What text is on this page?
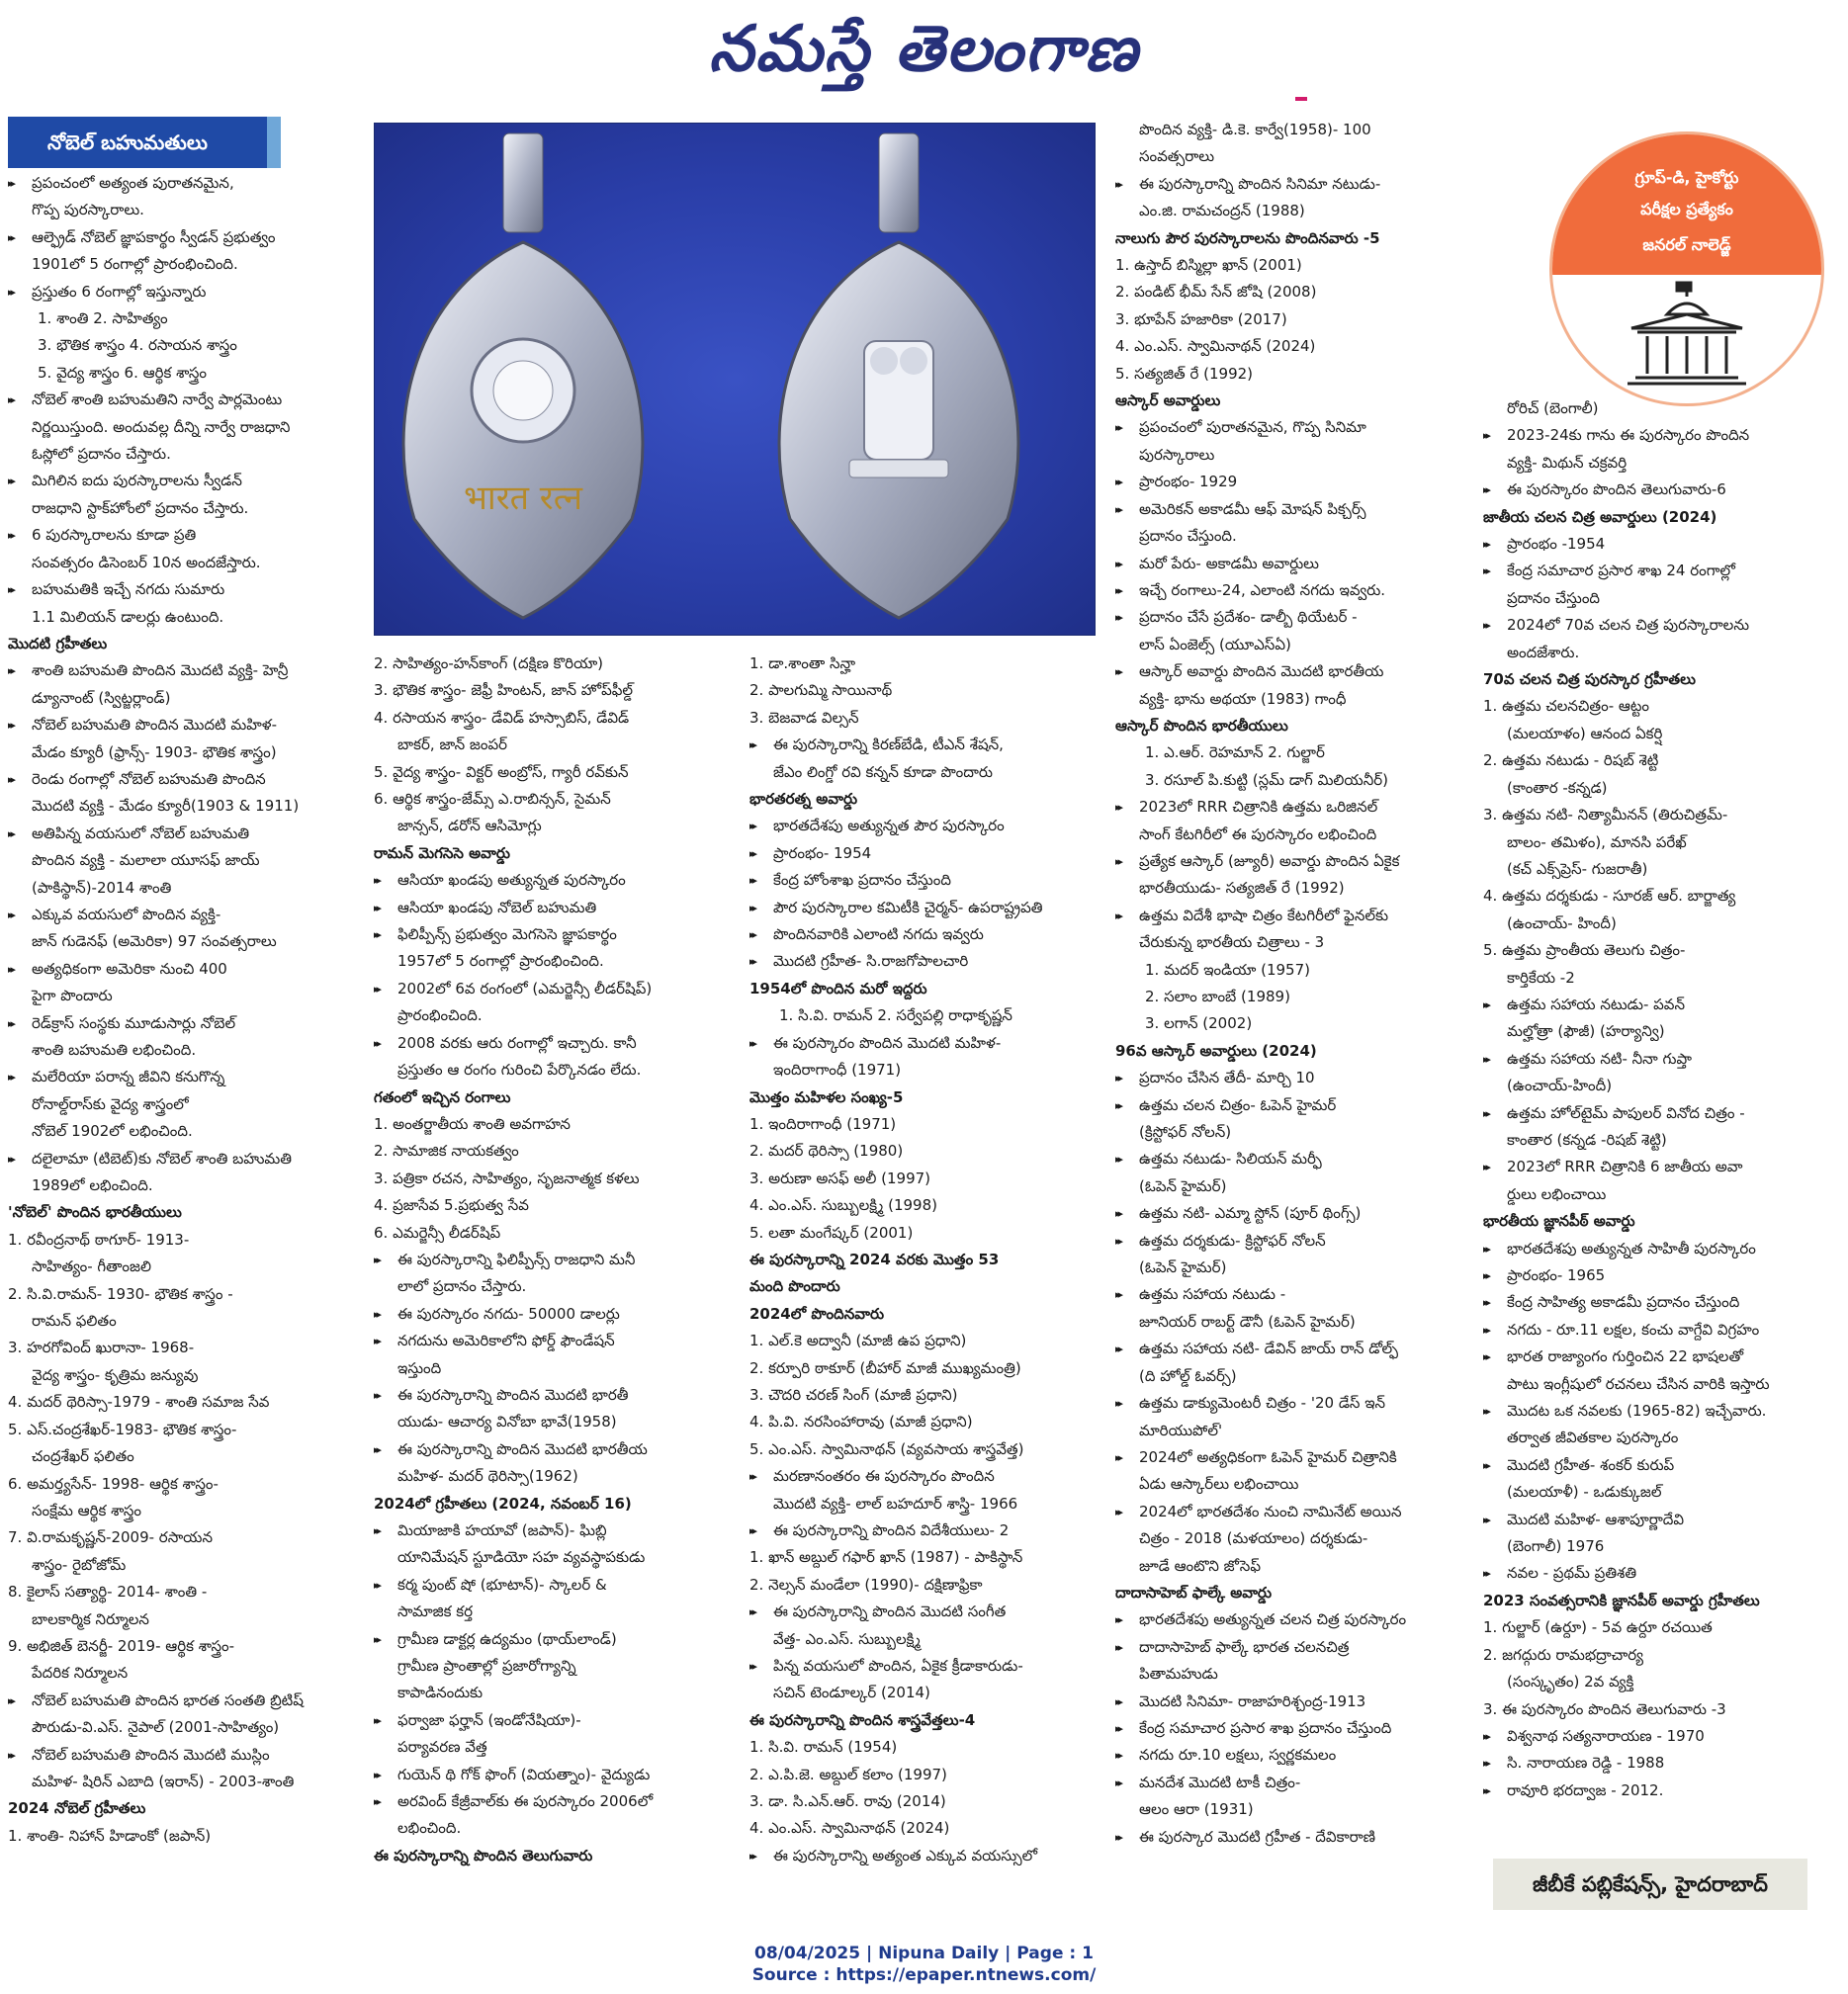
నమస్తే తెలంగాణ
నోబెల్ బహుమతులు
▸▸ ప్రపంచంలో అత్యంత పురాతనమైన,
గొప్ప పురస్కారాలు.
▸▸ ఆల్ఫ్రెడ్ నోబెల్ జ్ఞాపకార్థం స్వీడన్ ప్రభుత్వం
1901లో 5 రంగాల్లో ప్రారంభించింది.
▸▸ ప్రస్తుతం 6 రంగాల్లో ఇస్తున్నారు
1. శాంతి 2. సాహిత్యం
3. భౌతిక శాస్త్రం 4. రసాయన శాస్త్రం
5. వైద్య శాస్త్రం 6. ఆర్థిక శాస్త్రం
▸▸ నోబెల్ శాంతి బహుమతిని నార్వే పార్లమెంటు
నిర్ణయిస్తుంది. అందువల్ల దీన్ని నార్వే రాజధాని
ఓస్లోలో ప్రదానం చేస్తారు.
▸▸ మిగిలిన ఐదు పురస్కారాలను స్వీడన్
రాజధాని స్టాక్‌హోంలో ప్రదానం చేస్తారు.
▸▸ 6 పురస్కారాలను కూడా ప్రతి
సంవత్సరం డిసెంబర్ 10న అందజేస్తారు.
▸▸ బహుమతికి ఇచ్చే నగదు సుమారు
1.1 మిలియన్ డాలర్లు ఉంటుంది.
మొదటి గ్రహీతలు
▸▸ శాంతి బహుమతి పొందిన మొదటి వ్యక్తి- హెన్రీ
డ్యూనాంట్ (స్విట్జర్లాండ్)
▸▸ నోబెల్ బహుమతి పొందిన మొదటి మహిళ-
మేడం క్యూరీ (ఫ్రాన్స్- 1903- భౌతిక శాస్త్రం)
▸▸ రెండు రంగాల్లో నోబెల్ బహుమతి పొందిన
మొదటి వ్యక్తి - మేడం క్యూరీ(1903 & 1911)
▸▸ అతిపిన్న వయసులో నోబెల్ బహుమతి
పొందిన వ్యక్తి - మలాలా యూసఫ్ జాయ్
(పాకిస్థాన్)-2014 శాంతి
▸▸ ఎక్కువ వయసులో పొందిన వ్యక్తి-
జాన్ గుడెనఫ్ (అమెరికా) 97 సంవత్సరాలు
▸▸ అత్యధికంగా అమెరికా నుంచి 400
పైగా పొందారు
▸▸ రెడ్‌క్రాస్ సంస్థకు మూడుసార్లు నోబెల్
శాంతి బహుమతి లభించింది.
▸▸ మలేరియా పరాన్న జీవిని కనుగొన్న
రోనాల్డ్‌రాస్‌కు వైద్య శాస్త్రంలో
నోబెల్ 1902లో లభించింది.
▸▸ దలైలామా (టిబెట్)కు నోబెల్ శాంతి బహుమతి
1989లో లభించింది.
'నోబెల్' పొందిన భారతీయులు
1. రవీంద్రనాథ్ ఠాగూర్- 1913-
సాహిత్యం- గీతాంజలి
2. సి.వి.రామన్- 1930- భౌతిక శాస్త్రం -
రామన్ ఫలితం
3. హరగోవింద్ ఖురానా- 1968-
వైద్య శాస్త్రం- కృత్రిమ జన్యువు
4. మదర్ థెరిస్సా-1979 - శాంతి సమాజ సేవ
5. ఎస్.చంద్రశేఖర్-1983- భౌతిక శాస్త్రం-
చంద్రశేఖర్ ఫలితం
6. అమర్త్యసేన్- 1998- ఆర్థిక శాస్త్రం-
సంక్షేమ ఆర్థిక శాస్త్రం
7. వి.రామకృష్ణన్-2009- రసాయన
శాస్త్రం- రైబోజోమ్
8. కైలాస్ సత్యార్థి- 2014- శాంతి -
బాలకార్మిక నిర్మూలన
9. అభిజిత్ బెనర్జీ- 2019- ఆర్థిక శాస్త్రం-
పేదరిక నిర్మూలన
▸▸ నోబెల్ బహుమతి పొందిన భారత సంతతి బ్రిటిష్
పౌరుడు-వి.ఎస్. నైపాల్ (2001-సాహిత్యం)
▸▸ నోబెల్ బహుమతి పొందిన మొదటి ముస్లిం
మహిళ- షిరిన్ ఎబాది (ఇరాన్) - 2003-శాంతి
2024 నోబెల్ గ్రహీతలు
1. శాంతి- నిహాన్ హిడాంకో (జపాన్)
भारत रत्न
గ్రూప్-డి, హైకోర్టు
పరీక్షల ప్రత్యేకం
జనరల్ నాలెడ్జ్
2. సాహిత్యం-హన్‌కాంగ్ (దక్షిణ కొరియా)
3. భౌతిక శాస్త్రం- జెఫ్రీ హింటన్, జాన్ హోప్‌ఫీల్డ్
4. రసాయన శాస్త్రం- డేవిడ్ హస్సాబిస్, డేవిడ్
బాకర్, జాన్ జంపర్
5. వైద్య శాస్త్రం- విక్టర్ అంబ్రోస్, గ్యారీ రవ్‌కున్
6. ఆర్థిక శాస్త్రం-జేమ్స్ ఎ.రాబిన్సన్, సైమన్
జాన్సన్, డరోన్ ఆసిమోగ్లు
రామన్ మెగసెసె అవార్డు
▸▸ ఆసియా ఖండపు అత్యున్నత పురస్కారం
▸▸ ఆసియా ఖండపు నోబెల్ బహుమతి
▸▸ ఫిలిప్పీన్స్ ప్రభుత్వం మెగసెసె జ్ఞాపకార్థం
1957లో 5 రంగాల్లో ప్రారంభించింది.
▸▸ 2002లో 6వ రంగంలో (ఎమర్జెన్సీ లీడర్‌షిప్)
ప్రారంభించింది.
▸▸ 2008 వరకు ఆరు రంగాల్లో ఇచ్చారు. కానీ
ప్రస్తుతం ఆ రంగం గురించి పేర్కొనడం లేదు.
గతంలో ఇచ్చిన రంగాలు
1. అంతర్జాతీయ శాంతి అవగాహన
2. సామాజిక నాయకత్వం
3. పత్రికా రచన, సాహిత్యం, సృజనాత్మక కళలు
4. ప్రజాసేవ 5.ప్రభుత్వ సేవ
6. ఎమర్జెన్సీ లీడర్‌షిప్
▸▸ ఈ పురస్కారాన్ని ఫిలిప్పీన్స్ రాజధాని మనీ
లాలో ప్రదానం చేస్తారు.
▸▸ ఈ పురస్కారం నగదు- 50000 డాలర్లు
▸▸ నగదును అమెరికాలోని ఫోర్డ్ ఫౌండేషన్
ఇస్తుంది
▸▸ ఈ పురస్కారాన్ని పొందిన మొదటి భారతీ
యుడు- ఆచార్య వినోబా భావే(1958)
▸▸ ఈ పురస్కారాన్ని పొందిన మొదటి భారతీయ
మహిళ- మదర్ థెరిస్సా(1962)
2024లో గ్రహీతలు (2024, నవంబర్ 16)
▸▸ మియాజాకి హయావో (జపాన్)- ఘిబ్లి
యానిమేషన్ స్టూడియో సహ వ్యవస్థాపకుడు
▸▸ కర్మ పుంట్ షో (భూటాన్)- స్కాలర్ &
సామాజిక కర్త
▸▸ గ్రామీణ డాక్టర్ల ఉద్యమం (థాయ్‌లాండ్)
గ్రామీణ ప్రాంతాల్లో ప్రజారోగ్యాన్ని
కాపాడినందుకు
▸▸ ఫర్వాజా ఫర్హాన్ (ఇండోనేషియా)-
పర్యావరణ వేత్త
▸▸ గుయెన్ థి గోక్ ఫొంగ్ (వియత్నాం)- వైద్యుడు
▸▸ అరవింద్ కేజ్రీవాల్‌కు ఈ పురస్కారం 2006లో
లభించింది.
ఈ పురస్కారాన్ని పొందిన తెలుగువారు
1. డా.శాంతా సిన్హా
2. పాలగుమ్మి సాయినాథ్
3. బెజవాడ విల్సన్
▸▸ ఈ పురస్కారాన్ని కిరణ్‌బేడి, టీఎన్ శేషన్,
జేఎం లింగ్డో రవి కన్నన్ కూడా పొందారు
భారతరత్న అవార్డు
▸▸ భారతదేశపు అత్యున్నత పౌర పురస్కారం
▸▸ ప్రారంభం- 1954
▸▸ కేంద్ర హోంశాఖ ప్రదానం చేస్తుంది
▸▸ పౌర పురస్కారాల కమిటీకి చైర్మన్- ఉపరాష్ట్రపతి
▸▸ పొందినవారికి ఎలాంటి నగదు ఇవ్వరు
▸▸ మొదటి గ్రహీత- సి.రాజగోపాలచారి
1954లో పొందిన మరో ఇద్దరు
1. సి.వి. రామన్ 2. సర్వేపల్లి రాధాకృష్ణన్
▸▸ ఈ పురస్కారం పొందిన మొదటి మహిళ-
ఇందిరాగాంధీ (1971)
మొత్తం మహిళల సంఖ్య-5
1. ఇందిరాగాంధీ (1971)
2. మదర్ థెరిస్సా (1980)
3. అరుణా అసఫ్ అలీ (1997)
4. ఎం.ఎస్. సుబ్బులక్ష్మి (1998)
5. లతా మంగేష్కర్ (2001)
ఈ పురస్కారాన్ని 2024 వరకు మొత్తం 53
మంది పొందారు
2024లో పొందినవారు
1. ఎల్.కె అద్వానీ (మాజీ ఉప ప్రధాని)
2. కర్పూరి ఠాకూర్ (బీహార్ మాజీ ముఖ్యమంత్రి)
3. చౌదరి చరణ్ సింగ్ (మాజీ ప్రధాని)
4. పి.వి. నరసింహారావు (మాజీ ప్రధాని)
5. ఎం.ఎస్. స్వామినాథన్ (వ్యవసాయ శాస్త్రవేత్త)
▸▸ మరణానంతరం ఈ పురస్కారం పొందిన
మొదటి వ్యక్తి- లాల్ బహదూర్ శాస్త్రి- 1966
▸▸ ఈ పురస్కారాన్ని పొందిన విదేశీయులు- 2
1. ఖాన్ అబ్దుల్ గఫార్ ఖాన్ (1987) - పాకిస్థాన్
2. నెల్సన్ మండేలా (1990)- దక్షిణాఫ్రికా
▸▸ ఈ పురస్కారాన్ని పొందిన మొదటి సంగీత
వేత్త- ఎం.ఎస్. సుబ్బులక్ష్మి
▸▸ పిన్న వయసులో పొందిన, ఏకైక క్రీడాకారుడు-
సచిన్ టెండూల్కర్ (2014)
ఈ పురస్కారాన్ని పొందిన శాస్త్రవేత్తలు-4
1. సి.వి. రామన్ (1954)
2. ఎ.పి.జె. అబ్దుల్ కలాం (1997)
3. డా. సి.ఎన్.ఆర్. రావు (2014)
4. ఎం.ఎస్. స్వామినాథన్ (2024)
▸▸ ఈ పురస్కారాన్ని అత్యంత ఎక్కువ వయస్సులో
పొందిన వ్యక్తి- డి.కె. కార్వే(1958)- 100
సంవత్సరాలు
▸▸ ఈ పురస్కారాన్ని పొందిన సినిమా నటుడు-
ఎం.జి. రామచంద్రన్ (1988)
నాలుగు పౌర పురస్కారాలను పొందినవారు -5
1. ఉస్తాద్ బిస్మిల్లా ఖాన్ (2001)
2. పండిట్ భీమ్ సేన్ జోషి (2008)
3. భూపేన్ హజారికా (2017)
4. ఎం.ఎస్. స్వామినాథన్ (2024)
5. సత్యజిత్ రే (1992)
ఆస్కార్ అవార్డులు
▸▸ ప్రపంచంలో పురాతనమైన, గొప్ప సినిమా
పురస్కారాలు
▸▸ ప్రారంభం- 1929
▸▸ అమెరికన్ అకాడమీ ఆఫ్ మోషన్ పిక్చర్స్
ప్రదానం చేస్తుంది.
▸▸ మరో పేరు- అకాడమీ అవార్డులు
▸▸ ఇచ్చే రంగాలు-24, ఎలాంటి నగదు ఇవ్వరు.
▸▸ ప్రదానం చేసే ప్రదేశం- డాల్బీ థియేటర్ -
లాస్ ఏంజెల్స్ (యూఎస్ఏ)
▸▸ ఆస్కార్ అవార్డు పొందిన మొదటి భారతీయ
వ్యక్తి- భాను అథయా (1983) గాంధీ
ఆస్కార్ పొందిన భారతీయులు
1. ఎ.ఆర్. రెహమాన్ 2. గుల్జార్
3. రసూల్ పి.కుట్టి (స్లమ్ డాగ్ మిలియనీర్)
▸▸ 2023లో RRR చిత్రానికి ఉత్తమ ఒరిజినల్
సాంగ్ కేటగిరీలో ఈ పురస్కారం లభించింది
▸▸ ప్రత్యేక ఆస్కార్ (జ్యూరీ) అవార్డు పొందిన ఏకైక
భారతీయుడు- సత్యజిత్ రే (1992)
▸▸ ఉత్తమ విదేశీ భాషా చిత్రం కేటగిరీలో ఫైనల్‌కు
చేరుకున్న భారతీయ చిత్రాలు - 3
1. మదర్ ఇండియా (1957)
2. సలాం బాంబే (1989)
3. లగాన్ (2002)
96వ ఆస్కార్ అవార్డులు (2024)
▸▸ ప్రదానం చేసిన తేదీ- మార్చి 10
▸▸ ఉత్తమ చలన చిత్రం- ఓపెన్ హైమర్
(క్రిస్టోఫర్ నోలన్)
▸▸ ఉత్తమ నటుడు- సిలియన్ మర్ఫీ
(ఓపెన్ హైమర్)
▸▸ ఉత్తమ నటి- ఎమ్మా స్టోన్ (పూర్ థింగ్స్)
▸▸ ఉత్తమ దర్శకుడు- క్రిస్టోఫర్ నోలన్
(ఓపెన్ హైమర్)
▸▸ ఉత్తమ సహాయ నటుడు -
జూనియర్ రాబర్ట్ డౌనీ (ఓపెన్ హైమర్)
▸▸ ఉత్తమ సహాయ నటి- డేవిన్ జాయ్ రాన్ డోల్ఫ్
(ది హోల్డ్ ఓవర్స్)
▸▸ ఉత్తమ డాక్యుమెంటరీ చిత్రం - '20 డేస్ ఇన్
మారియుపోల్'
▸▸ 2024లో అత్యధికంగా ఓపెన్ హైమర్ చిత్రానికి
ఏడు ఆస్కార్‌లు లభించాయి
▸▸ 2024లో భారతదేశం నుంచి నామినేట్ అయిన
చిత్రం - 2018 (మళయాలం) దర్శకుడు-
జూడే ఆంటొని జోసెఫ్
దాదాసాహెబ్ ఫాల్కే అవార్డు
▸▸ భారతదేశపు అత్యున్నత చలన చిత్ర పురస్కారం
▸▸ దాదాసాహెబ్ ఫాల్కే భారత చలనచిత్ర
పితామహుడు
▸▸ మొదటి సినిమా- రాజాహరిశ్చంద్ర-1913
▸▸ కేంద్ర సమాచార ప్రసార శాఖ ప్రదానం చేస్తుంది
▸▸ నగదు రూ.10 లక్షలు, స్వర్ణకమలం
▸▸ మనదేశ మొదటి టాకీ చిత్రం-
ఆలం ఆరా (1931)
▸▸ ఈ పురస్కార మొదటి గ్రహీత - దేవికారాణి
రోరిచ్ (బెంగాలీ)
▸▸ 2023-24కు గాను ఈ పురస్కారం పొందిన
వ్యక్తి- మిథున్ చక్రవర్తి
▸▸ ఈ పురస్కారం పొందిన తెలుగువారు-6
జాతీయ చలన చిత్ర అవార్డులు (2024)
▸▸ ప్రారంభం -1954
▸▸ కేంద్ర సమాచార ప్రసార శాఖ 24 రంగాల్లో
ప్రదానం చేస్తుంది
▸▸ 2024లో 70వ చలన చిత్ర పురస్కారాలను
అందజేశారు.
70వ చలన చిత్ర పురస్కార గ్రహీతలు
1. ఉత్తమ చలనచిత్రం- ఆట్టం
(మలయాళం) ఆనంద ఏకర్షి
2. ఉత్తమ నటుడు - రిషబ్ శెట్టి
(కాంతార -కన్నడ)
3. ఉత్తమ నటి- నిత్యామీనన్ (తిరుచిత్రమ్-
బాలం- తమిళం), మానసి పరేఖ్
(కచ్ ఎక్స్‌ప్రెస్- గుజరాతీ)
4. ఉత్తమ దర్శకుడు - సూరజ్ ఆర్. బార్జాత్య
(ఉంచాయ్- హిందీ)
5. ఉత్తమ ప్రాంతీయ తెలుగు చిత్రం-
కార్తికేయ -2
▸▸ ఉత్తమ సహాయ నటుడు- పవన్
మల్హోత్రా (ఫౌజీ) (హర్యాన్వి)
▸▸ ఉత్తమ సహాయ నటి- నీనా గుప్తా
(ఉంచాయ్-హిందీ)
▸▸ ఉత్తమ హోల్‌టైమ్ పాపులర్ వినోద చిత్రం -
కాంతార (కన్నడ -రిషబ్ శెట్టి)
▸▸ 2023లో RRR చిత్రానికి 6 జాతీయ అవా
ర్డులు లభించాయి
భారతీయ జ్ఞానపీఠ్ అవార్డు
▸▸ భారతదేశపు అత్యున్నత సాహితీ పురస్కారం
▸▸ ప్రారంభం- 1965
▸▸ కేంద్ర సాహిత్య అకాడమీ ప్రదానం చేస్తుంది
▸▸ నగదు - రూ.11 లక్షల, కంచు వాగ్దేవి విగ్రహం
▸▸ భారత రాజ్యాంగం గుర్తించిన 22 భాషలతో
పాటు ఇంగ్లీషులో రచనలు చేసిన వారికి ఇస్తారు
▸▸ మొదట ఒక నవలకు (1965-82) ఇచ్చేవారు.
తర్వాత జీవితకాల పురస్కారం
▸▸ మొదటి గ్రహీత- శంకర్ కురుప్
(మలయాళీ) - ఒడుక్కుజల్
▸▸ మొదటి మహిళ- ఆశాపూర్ణాదేవి
(బెంగాలీ) 1976
▸▸ నవల - ప్రథమ్ ప్రతిశతి
2023 సంవత్సరానికి జ్ఞానపీఠ్ అవార్డు గ్రహీతలు
1. గుల్జార్ (ఉర్దూ) - 5వ ఉర్దూ రచయిత
2. జగద్గురు రామభద్రాచార్య
(సంస్కృతం) 2వ వ్యక్తి
3. ఈ పురస్కారం పొందిన తెలుగువారు -3
▸▸ విశ్వనాథ సత్యనారాయణ - 1970
▸▸ సి. నారాయణ రెడ్డి - 1988
▸▸ రావూరి భరద్వాజ - 2012.
జీబీకే పబ్లికేషన్స్, హైదరాబాద్
08/04/2025 | Nipuna Daily | Page : 1
Source : https://epaper.ntnews.com/
